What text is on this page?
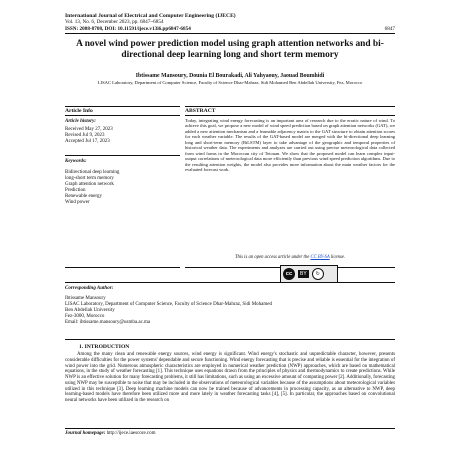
International Journal of Electrical and Computer Engineering (IJECE)
Vol. 13, No. 6, December 2023, pp. 6847~6854
ISSN: 2088-8708, DOI: 10.11591/ijece.v13i6.pp6847-6854	6847
A novel wind power prediction model using graph attention networks and bi-directional deep learning long and short term memory
Ibtissame Mansoury, Dounia El Bourakadi, Ali Yahyaouy, Jaouad Boumhidi
LISAC Laboratory, Department of Computer Science, Faculty of Science Dhar-Mahraz, Sidi Mohamed Ben Abdellah University, Fez, Morocco
Article Info
Article history:
Received May 27, 2023
Revised Jul 9, 2023
Accepted Jul 17, 2023
Keywords:
Bidirectional deep learning
long-short term memory
Graph attention network
Prediction
Renewable energy
Wind power
ABSTRACT
Today, integrating wind energy forecasting is an important area of research due to the erratic nature of wind. To achieve this goal, we propose a new model of wind speed prediction based on graph attention networks (GAT), we added a new attention mechanism and a learnable adjacency matrix to the GAT structure to obtain attention scores for each weather variable. The results of the GAT-based model are merged with the bi-directional deep learning long and short-term memory (BiLSTM) layer to take advantage of the geographic and temporal properties of historical weather data. The experiments and analyzes are carried out using precise meteorological data collected from wind farms in the Moroccan city of Tetouan. We show that the proposed model can learn complex input-output correlations of meteorological data more efficiently than previous wind speed prediction algorithms. Due to the resulting attention weights, the model also provides more information about the main weather factors for the evaluated forecast work.
This is an open access article under the CC BY-SA license.
cc	BY	↻
Corresponding Author:
Ibtissame Mansoury
LISAC Laboratory, Department of Computer Science, Faculty of Science Dhar-Mahraz, Sidi Mohamed
Ben Abdellah University
Fez-3000, Morocco
Email: ibtissame.mansoury@usmba.ac.ma
1. INTRODUCTION
Among the many clean and renewable energy sources, wind energy is significant. Wind energy's stochastic and unpredictable character, however, presents considerable difficulties for the power systems' dependable and secure functioning. Wind energy forecasting that is precise and reliable is essential for the integration of wind power into the grid. Numerous atmospheric characteristics are employed in numerical weather prediction (NWP) approaches, which are based on mathematical equations, in the study of weather forecasting [1]. This technique uses equations drawn from the principles of physics and thermodynamics to create predictions. While NWP is an effective solution for many forecasting problems, it still has limitations, such as using an excessive amount of computing power [2]. Additionally, forecasting using NWP may be susceptible to noise that may be included in the observations of meteorological variables because of the assumptions about meteorological variables utilized in this technique [3]. Deep learning machine models can now be trained because of advancements in processing capacity, as an alternative to NWP, deep learning-based models have therefore been utilized more and more lately in weather forecasting tasks [4], [5]. In particular, the approaches based on convolutional neural networks have been utilized in the research on
Journal homepage: http://ijece.iaescore.com
